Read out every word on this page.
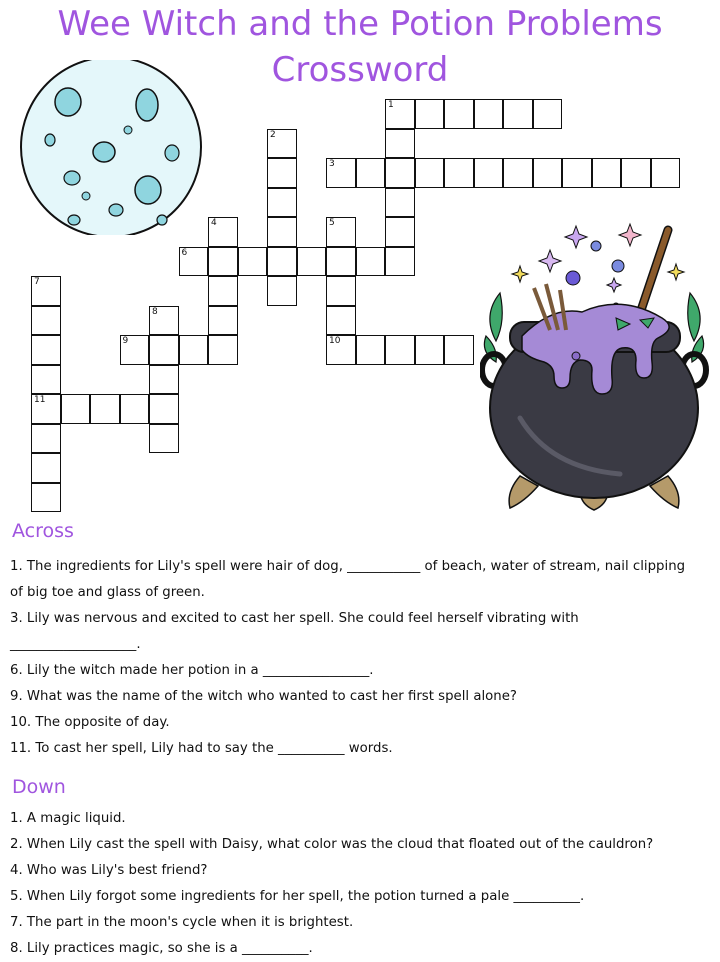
Wee Witch and the Potion Problems
Crossword
1
2
3
4	5
6
7
11
8
9	10
Across
1. The ingredients for Lily's spell were hair of dog, ___________ of beach, water of stream, nail clipping of big toe and glass of green.
3. Lily was nervous and excited to cast her spell. She could feel herself vibrating with ___________________.
6. Lily the witch made her potion in a ________________.
9. What was the name of the witch who wanted to cast her first spell alone?
10. The opposite of day.
11. To cast her spell, Lily had to say the __________ words.
Down
1. A magic liquid.
2. When Lily cast the spell with Daisy, what color was the cloud that floated out of the cauldron?
4. Who was Lily's best friend?
5. When Lily forgot some ingredients for her spell, the potion turned a pale __________.
7. The part in the moon's cycle when it is brightest.
8. Lily practices magic, so she is a __________.
